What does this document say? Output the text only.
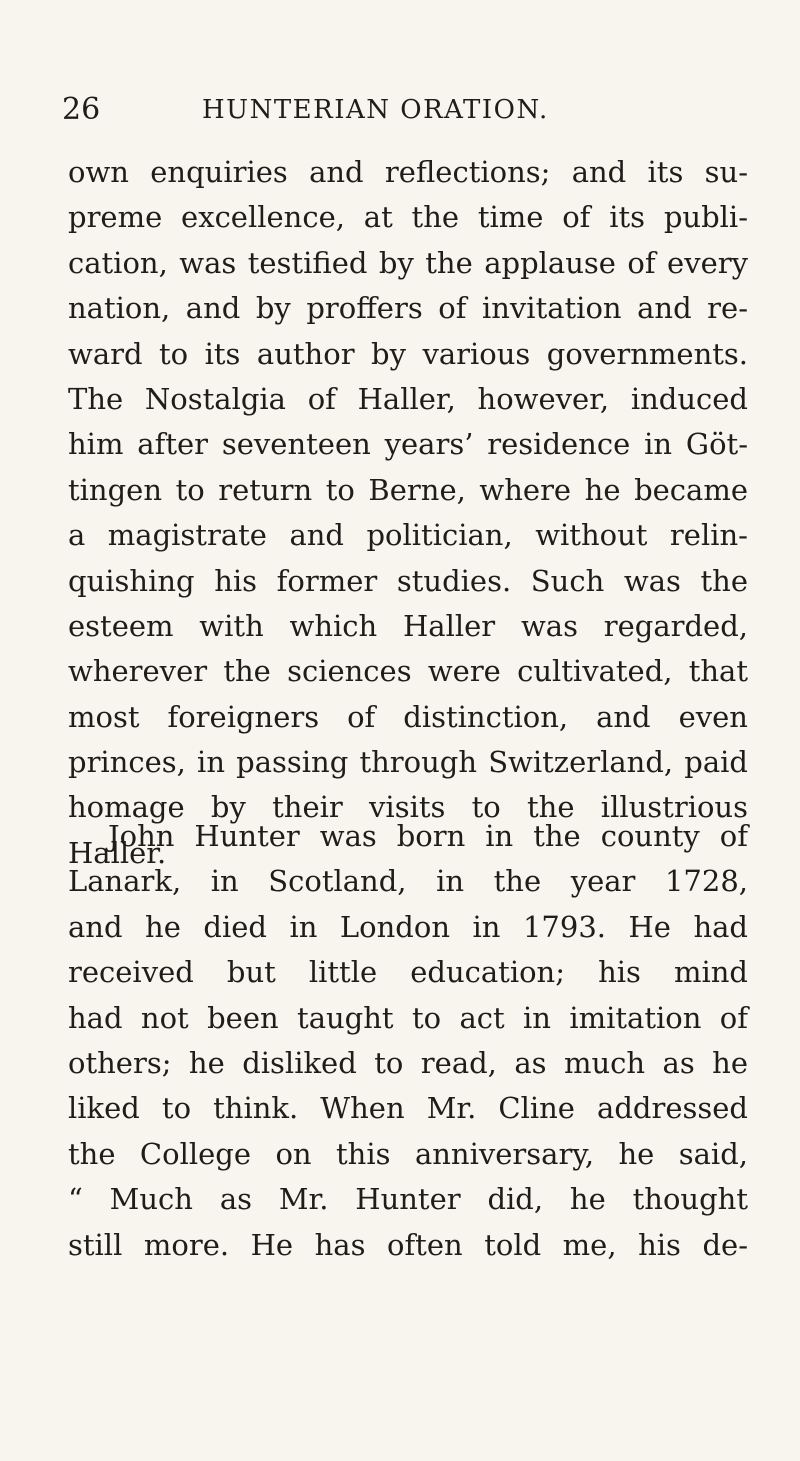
26	HUNTERIAN ORATION.
own enquiries and reflections; and its su-
preme excellence, at the time of its publi-
cation, was testified by the applause of every
nation, and by proffers of invitation and re-
ward to its author by various governments.
The Nostalgia of Haller, however, induced
him after seventeen years’ residence in Göt-
tingen to return to Berne, where he became
a magistrate and politician, without relin-
quishing his former studies. Such was the
esteem with which Haller was regarded,
wherever the sciences were cultivated, that
most foreigners of distinction, and even
princes, in passing through Switzerland, paid
homage by their visits to the illustrious
Haller.
John Hunter was born in the county of
Lanark, in Scotland, in the year 1728,
and he died in London in 1793. He had
received but little education; his mind
had not been taught to act in imitation of
others; he disliked to read, as much as he
liked to think. When Mr. Cline addressed
the College on this anniversary, he said,
“ Much as Mr. Hunter did, he thought
still more. He has often told me, his de-
